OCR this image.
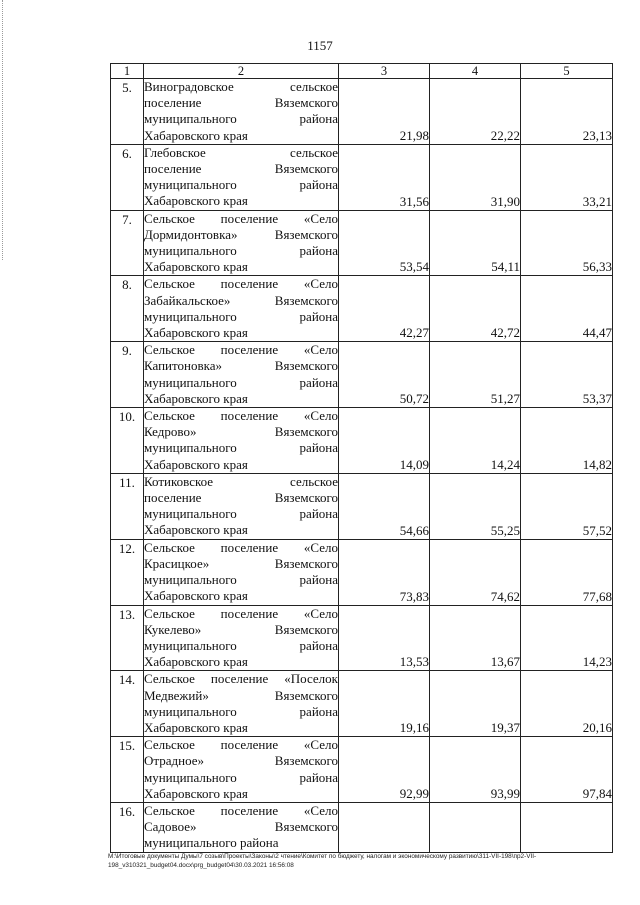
1157
1	2	3	4	5
5.	Виноградовское сельское
поселение Вяземского
муниципального района
Хабаровского края	21,98	22,22	23,13
6.	Глебовское сельское
поселение Вяземского
муниципального района
Хабаровского края	31,56	31,90	33,21
7.	Сельское поселение «Село
Дормидонтовка» Вяземского
муниципального района
Хабаровского края	53,54	54,11	56,33
8.	Сельское поселение «Село
Забайкальское» Вяземского
муниципального района
Хабаровского края	42,27	42,72	44,47
9.	Сельское поселение «Село
Капитоновка» Вяземского
муниципального района
Хабаровского края	50,72	51,27	53,37
10.	Сельское поселение «Село
Кедрово» Вяземского
муниципального района
Хабаровского края	14,09	14,24	14,82
11.	Котиковское сельское
поселение Вяземского
муниципального района
Хабаровского края	54,66	55,25	57,52
12.	Сельское поселение «Село
Красицкое» Вяземского
муниципального района
Хабаровского края	73,83	74,62	77,68
13.	Сельское поселение «Село
Кукелево» Вяземского
муниципального района
Хабаровского края	13,53	13,67	14,23
14.	Сельское поселение «Поселок
Медвежий» Вяземского
муниципального района
Хабаровского края	19,16	19,37	20,16
15.	Сельское поселение «Село
Отрадное» Вяземского
муниципального района
Хабаровского края	92,99	93,99	97,84
16.	Сельское поселение «Село
Садовое» Вяземского
муниципального района			

М:\Итоговые документы Думы\7 созыв\Проекты\Законы\2 чтение\Комитет по бюджету, налогам и экономическому развитию\311-VII-198\пр2-VII-
198_v310321_budget04.docx\prg_budget04\30.03.2021 16:56:08
